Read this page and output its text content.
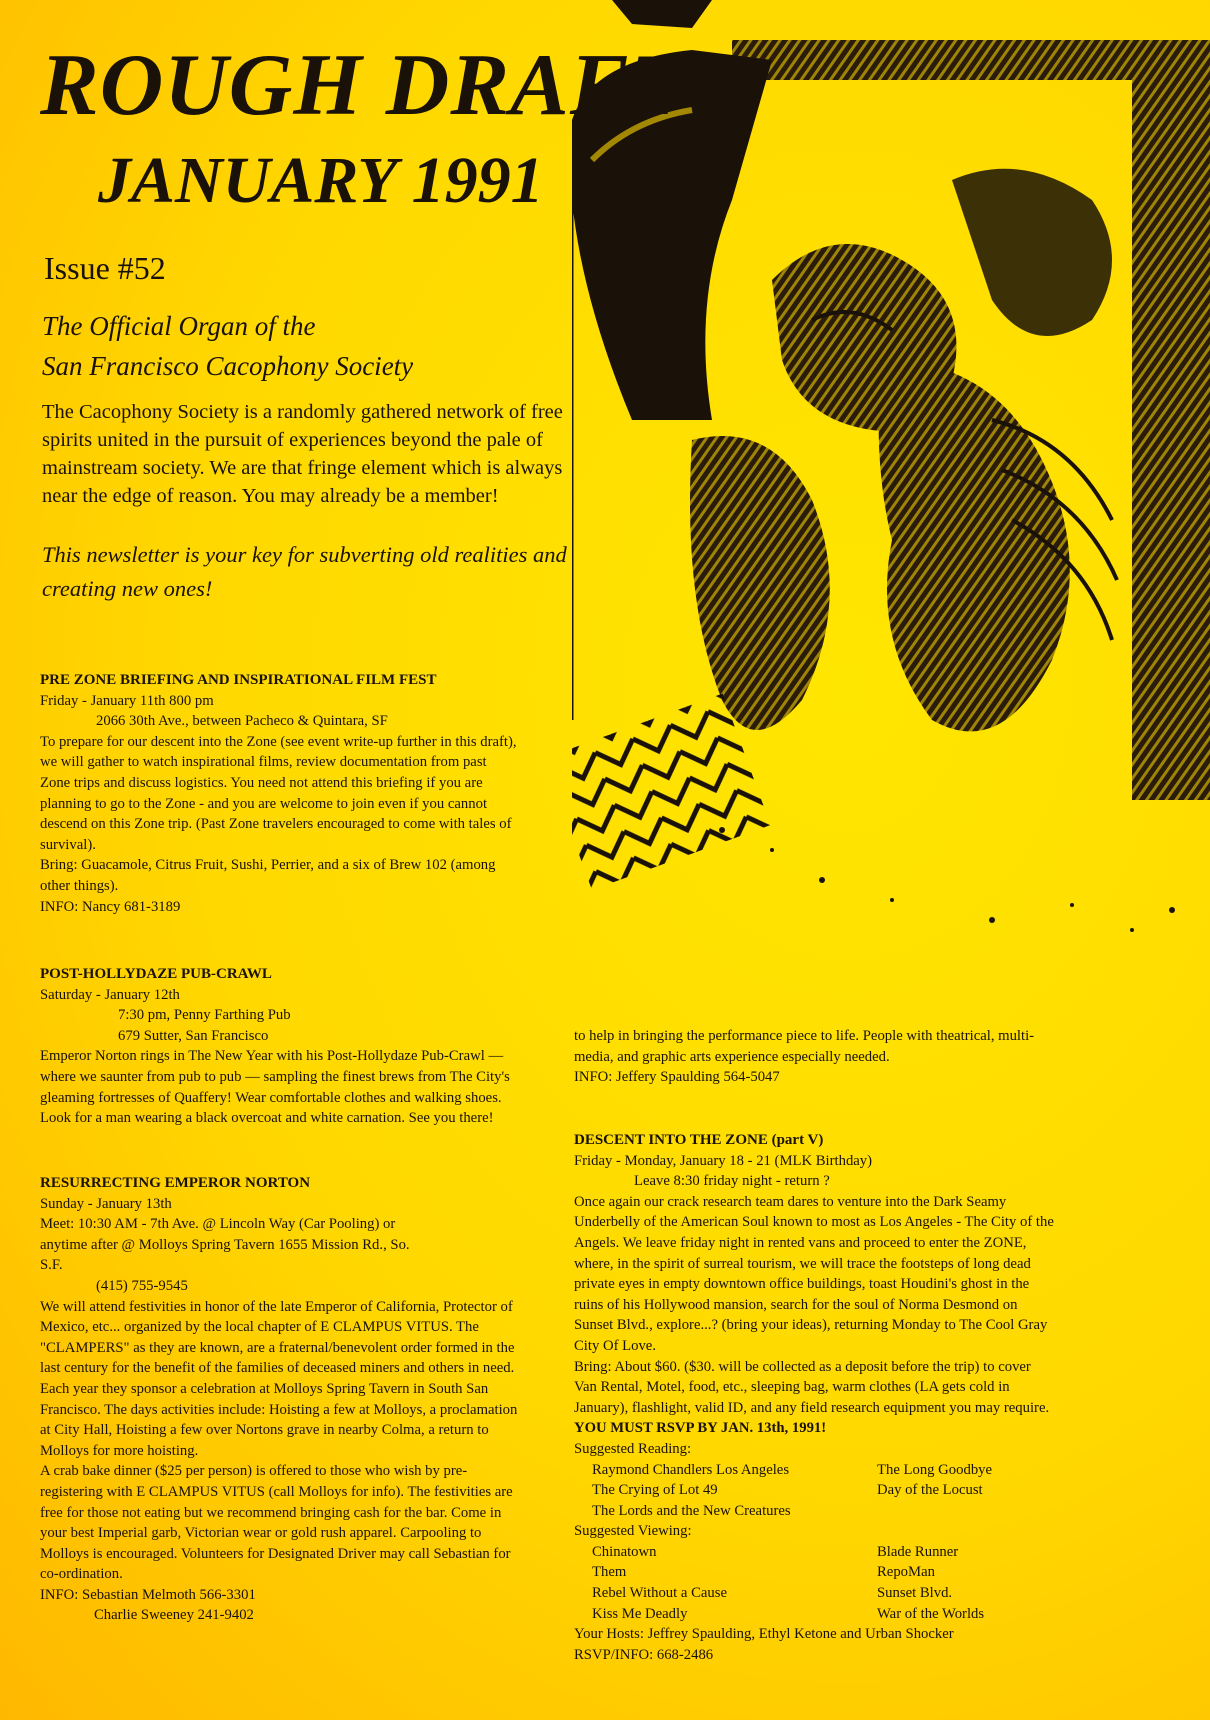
ROUGH DRAFT
JANUARY 1991
Issue #52
The Official Organ of the
San Francisco Cacophony Society
The Cacophony Society is a randomly gathered network of free spirits united in the pursuit of experiences beyond the pale of mainstream society. We are that fringe element which is always near the edge of reason. You may already be a member!
This newsletter is your key for subverting old realities and creating new ones!
PRE ZONE BRIEFING AND INSPIRATIONAL FILM FEST
Friday - January 11th 800 pm
2066 30th Ave., between Pacheco & Quintara, SF
To prepare for our descent into the Zone (see event write-up further in this draft), we will gather to watch inspirational films, review documentation from past Zone trips and discuss logistics. You need not attend this briefing if you are planning to go to the Zone - and you are welcome to join even if you cannot descend on this Zone trip. (Past Zone travelers encouraged to come with tales of survival).
Bring: Guacamole, Citrus Fruit, Sushi, Perrier, and a six of Brew 102 (among other things).
INFO: Nancy 681-3189
POST-HOLLYDAZE PUB-CRAWL
Saturday - January 12th
7:30 pm, Penny Farthing Pub
679 Sutter, San Francisco
Emperor Norton rings in The New Year with his Post-Hollydaze Pub-Crawl — where we saunter from pub to pub — sampling the finest brews from The City's gleaming fortresses of Quaffery! Wear comfortable clothes and walking shoes. Look for a man wearing a black overcoat and white carnation. See you there!
RESURRECTING EMPEROR NORTON
Sunday - January 13th
Meet: 10:30 AM - 7th Ave. @ Lincoln Way (Car Pooling) or anytime after @ Molloys Spring Tavern 1655 Mission Rd., So. S.F.
(415) 755-9545
We will attend festivities in honor of the late Emperor of California, Protector of Mexico, etc... organized by the local chapter of E CLAMPUS VITUS. The "CLAMPERS" as they are known, are a fraternal/benevolent order formed in the last century for the benefit of the families of deceased miners and others in need. Each year they sponsor a celebration at Molloys Spring Tavern in South San Francisco. The days activities include: Hoisting a few at Molloys, a proclamation at City Hall, Hoisting a few over Nortons grave in nearby Colma, a return to Molloys for more hoisting.
A crab bake dinner ($25 per person) is offered to those who wish by pre-registering with E CLAMPUS VITUS (call Molloys for info). The festivities are free for those not eating but we recommend bringing cash for the bar. Come in your best Imperial garb, Victorian wear or gold rush apparel. Carpooling to Molloys is encouraged. Volunteers for Designated Driver may call Sebastian for co-ordination.
INFO: Sebastian Melmoth 566-3301
Charlie Sweeney 241-9402
to help in bringing the performance piece to life. People with theatrical, multi-media, and graphic arts experience especially needed.
INFO: Jeffery Spaulding 564-5047
DESCENT INTO THE ZONE (part V)
Friday - Monday, January 18 - 21 (MLK Birthday)
Leave 8:30 friday night - return ?
Once again our crack research team dares to venture into the Dark Seamy Underbelly of the American Soul known to most as Los Angeles - The City of the Angels. We leave friday night in rented vans and proceed to enter the ZONE, where, in the spirit of surreal tourism, we will trace the footsteps of long dead private eyes in empty downtown office buildings, toast Houdini's ghost in the ruins of his Hollywood mansion, search for the soul of Norma Desmond on Sunset Blvd., explore...? (bring your ideas), returning Monday to The Cool Gray City Of Love.
Bring: About $60. ($30. will be collected as a deposit before the trip) to cover Van Rental, Motel, food, etc., sleeping bag, warm clothes (LA gets cold in January), flashlight, valid ID, and any field research equipment you may require. YOU MUST RSVP BY JAN. 13th, 1991!
Suggested Reading:
Raymond Chandlers Los Angeles	The Long Goodbye
The Crying of Lot 49	Day of the Locust
The Lords and the New Creatures
Suggested Viewing:
Chinatown	Blade Runner
Them	RepoMan
Rebel Without a Cause	Sunset Blvd.
Kiss Me Deadly	War of the Worlds
Your Hosts: Jeffrey Spaulding, Ethyl Ketone and Urban Shocker
RSVP/INFO: 668-2486
